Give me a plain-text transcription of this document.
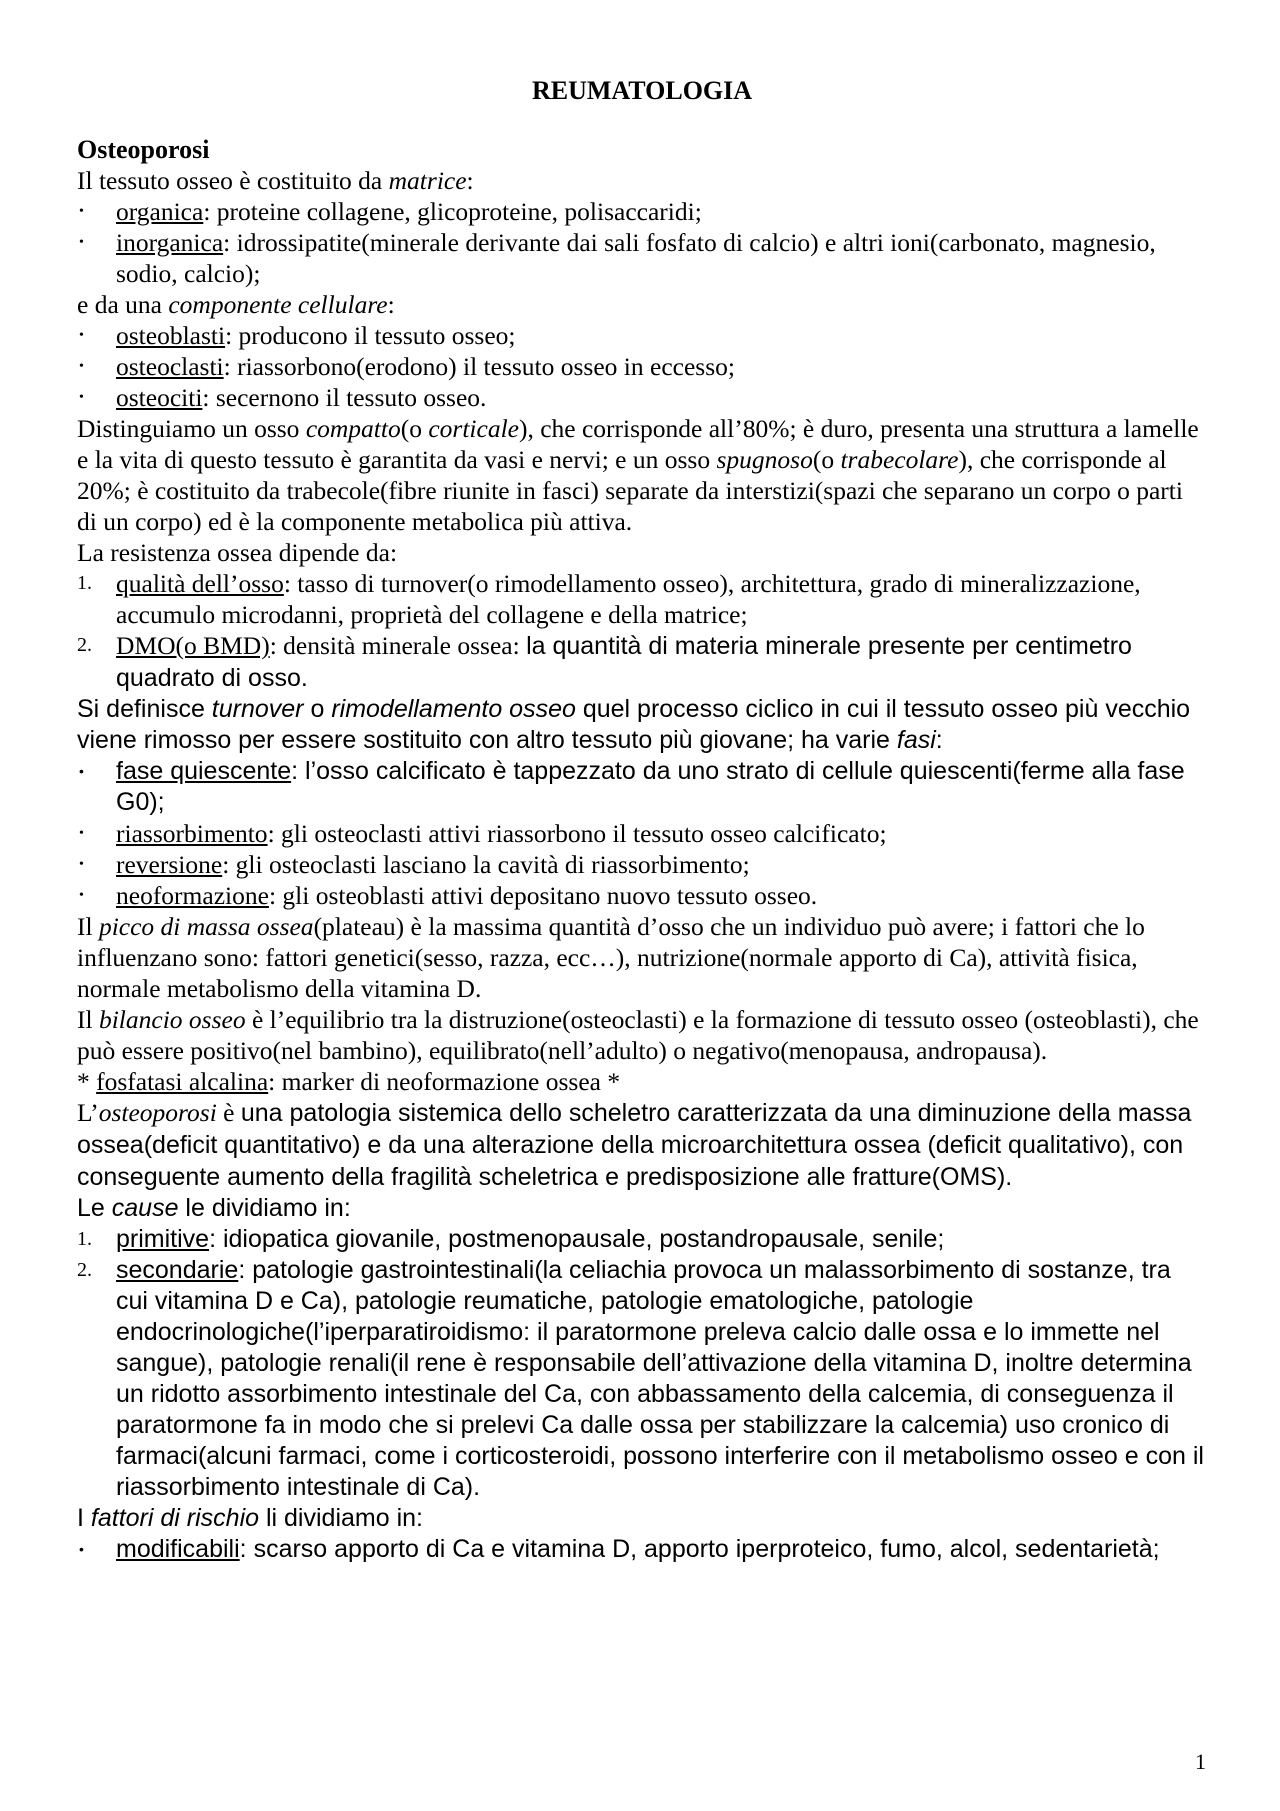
REUMATOLOGIA
Osteoporosi

Il tessuto osseo è costituito da matrice:

• organica: proteine collagene, glicoproteine, polisaccaridi;
• inorganica: idrossipatite(minerale derivante dai sali fosfato di calcio) e altri ioni(carbonato, magnesio, sodio, calcio);

e da una componente cellulare:

• osteoblasti: producono il tessuto osseo;
• osteoclasti: riassorbono(erodono) il tessuto osseo in eccesso;
• osteociti: secernono il tessuto osseo.

Distinguiamo un osso compatto(o corticale), che corrisponde all’80%; è duro, presenta una struttura a lamelle e la vita di questo tessuto è garantita da vasi e nervi; e un osso spugnoso(o trabecolare), che corrisponde al 20%; è costituito da trabecole(fibre riunite in fasci) separate da interstizi(spazi che separano un corpo o parti di un corpo) ed è la componente metabolica più attiva.

La resistenza ossea dipende da:

1. qualità dell’osso: tasso di turnover(o rimodellamento osseo), architettura, grado di mineralizzazione, accumulo microdanni, proprietà del collagene e della matrice;
2. DMO(o BMD): densità minerale ossea: la quantità di materia minerale presente per centimetro quadrato di osso.

Si definisce turnover o rimodellamento osseo quel processo ciclico in cui il tessuto osseo più vecchio viene rimosso per essere sostituito con altro tessuto più giovane; ha varie fasi:

• fase quiescente: l’osso calcificato è tappezzato da uno strato di cellule quiescenti(ferme alla fase G0);
• riassorbimento: gli osteoclasti attivi riassorbono il tessuto osseo calcificato;
• reversione: gli osteoclasti lasciano la cavità di riassorbimento;
• neoformazione: gli osteoblasti attivi depositano nuovo tessuto osseo.

Il picco di massa ossea(plateau) è la massima quantità d’osso che un individuo può avere; i fattori che lo influenzano sono: fattori genetici(sesso, razza, ecc…), nutrizione(normale apporto di Ca), attività fisica, normale metabolismo della vitamina D.

Il bilancio osseo è l’equilibrio tra la distruzione(osteoclasti) e la formazione di tessuto osseo (osteoblasti), che può essere positivo(nel bambino), equilibrato(nell’adulto) o negativo(menopausa, andropausa).

* fosfatasi alcalina: marker di neoformazione ossea *

L’osteoporosi è una patologia sistemica dello scheletro caratterizzata da una diminuzione della massa ossea(deficit quantitativo) e da una alterazione della microarchitettura ossea (deficit qualitativo), con conseguente aumento della fragilità scheletrica e predisposizione alle fratture(OMS).

Le cause le dividiamo in:

1. primitive: idiopatica giovanile, postmenopausale, postandropausale, senile;
2. secondarie: patologie gastrointestinali(la celiachia provoca un malassorbimento di sostanze, tra cui vitamina D e Ca), patologie reumatiche, patologie ematologiche, patologie endocrinologiche(l’iperparatiroidismo: il paratormone preleva calcio dalle ossa e lo immette nel sangue), patologie renali(il rene è responsabile dell’attivazione della vitamina D, inoltre determina un ridotto assorbimento intestinale del Ca, con abbassamento della calcemia, di conseguenza il paratormone fa in modo che si prelevi Ca dalle ossa per stabilizzare la calcemia) uso cronico di farmaci(alcuni farmaci, come i corticosteroidi, possono interferire con il metabolismo osseo e con il riassorbimento intestinale di Ca).

I fattori di rischio li dividiamo in:

• modificabili: scarso apporto di Ca e vitamina D, apporto iperproteico, fumo, alcol, sedentarietà;
1
